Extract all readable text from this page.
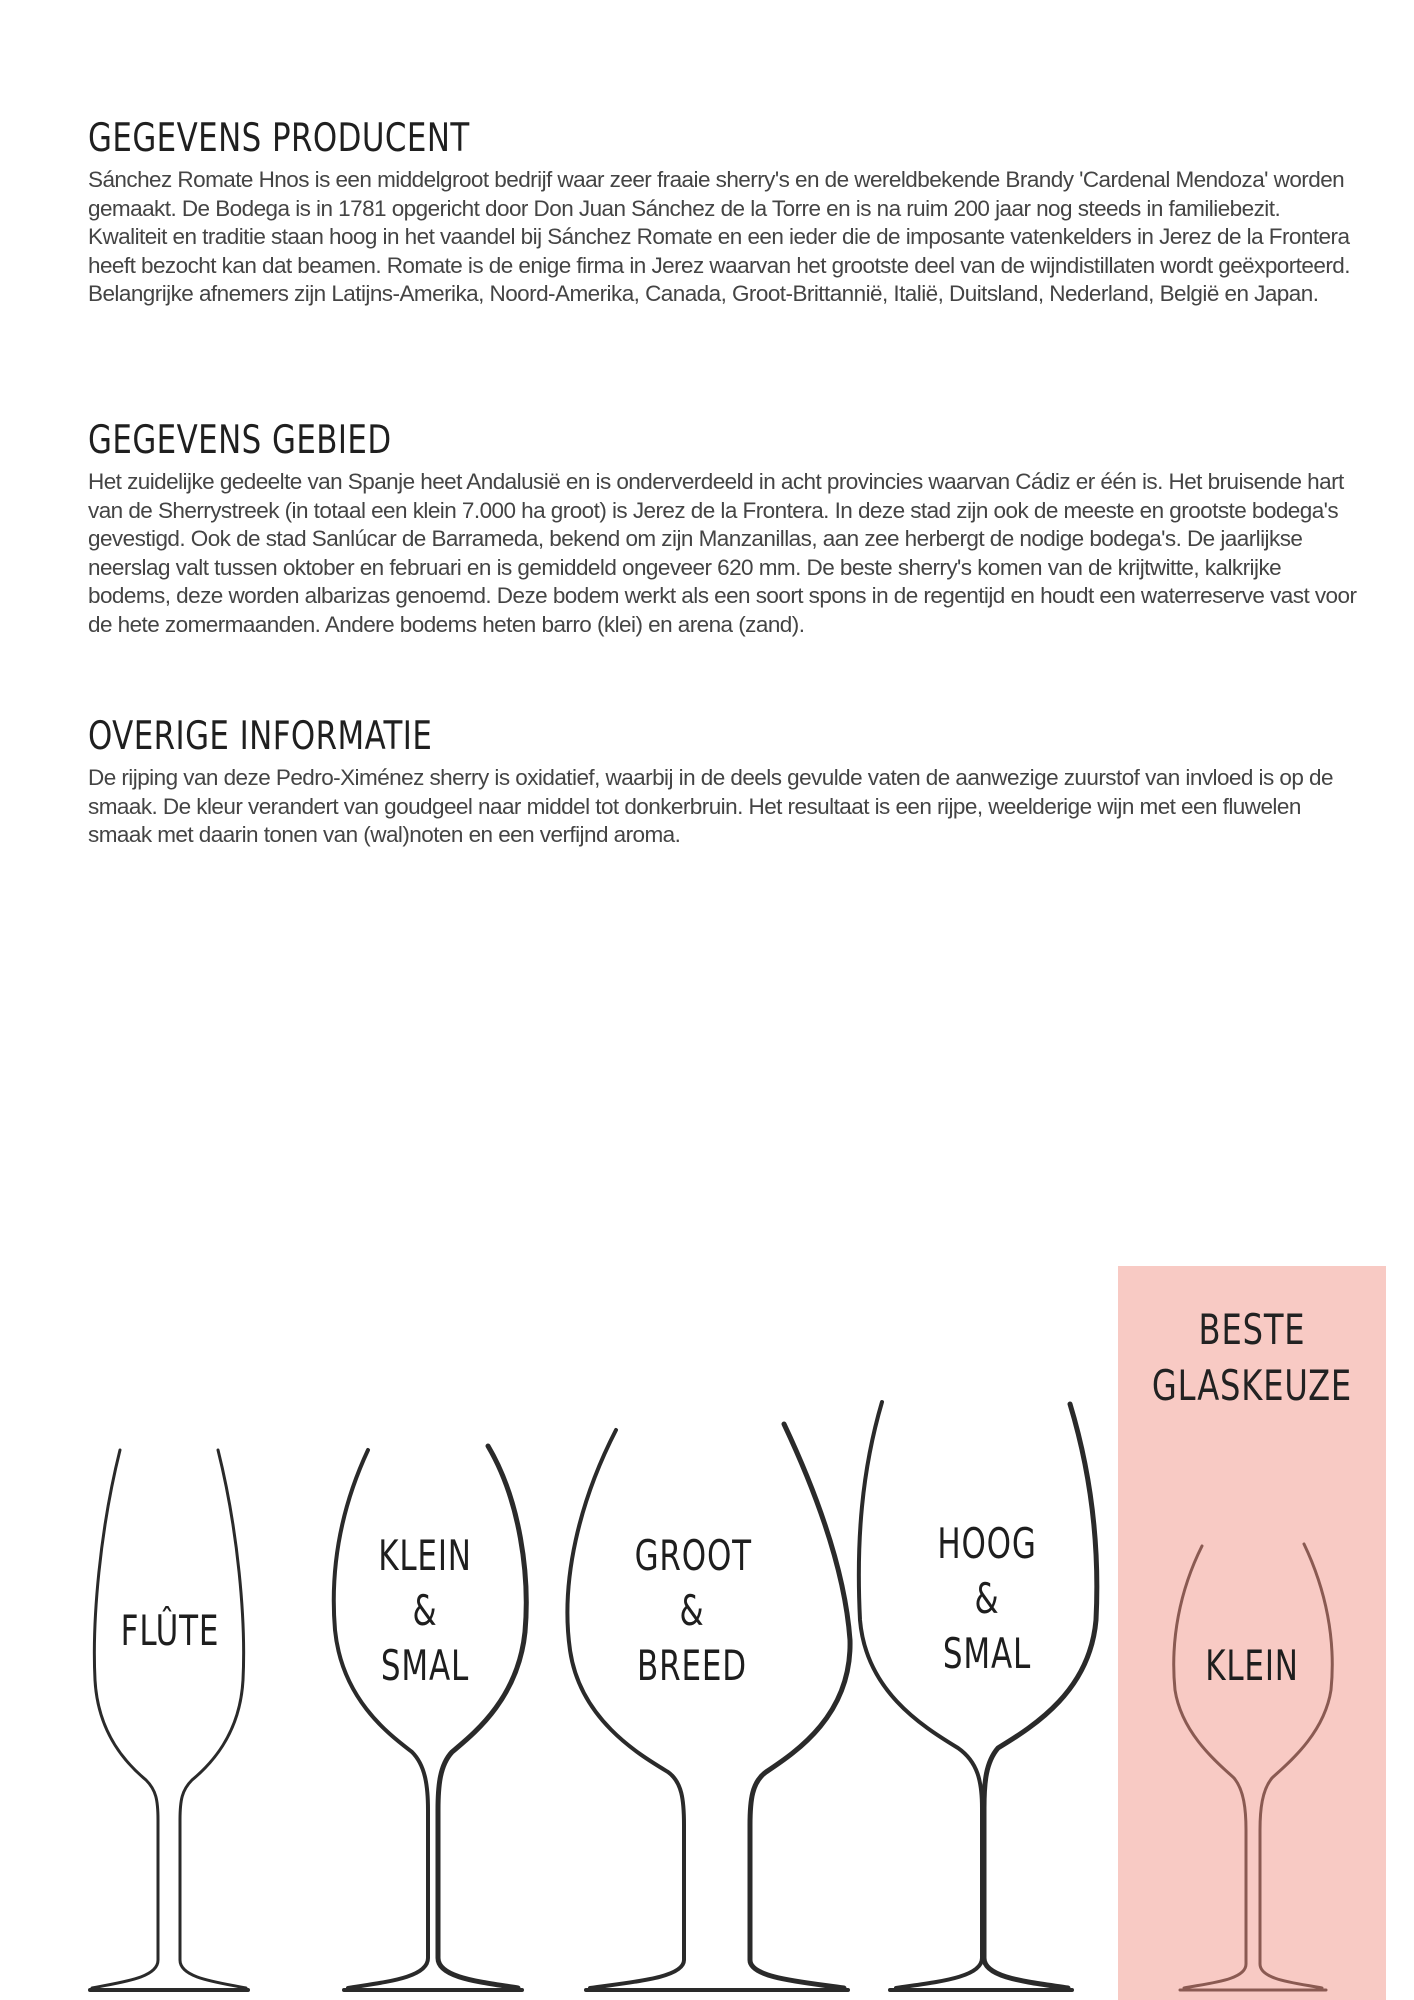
GEGEVENS PRODUCENT

Sánchez Romate Hnos is een middelgroot bedrijf waar zeer fraaie sherry's en de wereldbekende Brandy 'Cardenal Mendoza' worden gemaakt. De Bodega is in 1781 opgericht door Don Juan Sánchez de la Torre en is na ruim 200 jaar nog steeds in familiebezit. Kwaliteit en traditie staan hoog in het vaandel bij Sánchez Romate en een ieder die de imposante vatenkelders in Jerez de la Frontera heeft bezocht kan dat beamen. Romate is de enige firma in Jerez waarvan het grootste deel van de wijndistillaten wordt geëxporteerd. Belangrijke afnemers zijn Latijns-Amerika, Noord-Amerika, Canada, Groot-Brittannië, Italië, Duitsland, Nederland, België en Japan.

GEGEVENS GEBIED

Het zuidelijke gedeelte van Spanje heet Andalusië en is onderverdeeld in acht provincies waarvan Cádiz er één is. Het bruisende hart van de Sherrystreek (in totaal een klein 7.000 ha groot) is Jerez de la Frontera. In deze stad zijn ook de meeste en grootste bodega's gevestigd. Ook de stad Sanlúcar de Barrameda, bekend om zijn Manzanillas, aan zee herbergt de nodige bodega's. De jaarlijkse neerslag valt tussen oktober en februari en is gemiddeld ongeveer 620 mm. De beste sherry's komen van de krijtwitte, kalkrijke bodems, deze worden albarizas genoemd. Deze bodem werkt als een soort spons in de regentijd en houdt een waterreserve vast voor de hete zomermaanden. Andere bodems heten barro (klei) en arena (zand).

OVERIGE INFORMATIE

De rijping van deze Pedro-Ximénez sherry is oxidatief, waarbij in de deels gevulde vaten de aanwezige zuurstof van invloed is op de smaak. De kleur verandert van goudgeel naar middel tot donkerbruin. Het resultaat is een rijpe, weelderige wijn met een fluwelen smaak met daarin tonen van (wal)noten en een verfijnd aroma.

BESTE
GLASKEUZE
FLÛTE
KLEIN
&
SMAL
GROOT
&
BREED
HOOG
&
SMAL	KLEIN
